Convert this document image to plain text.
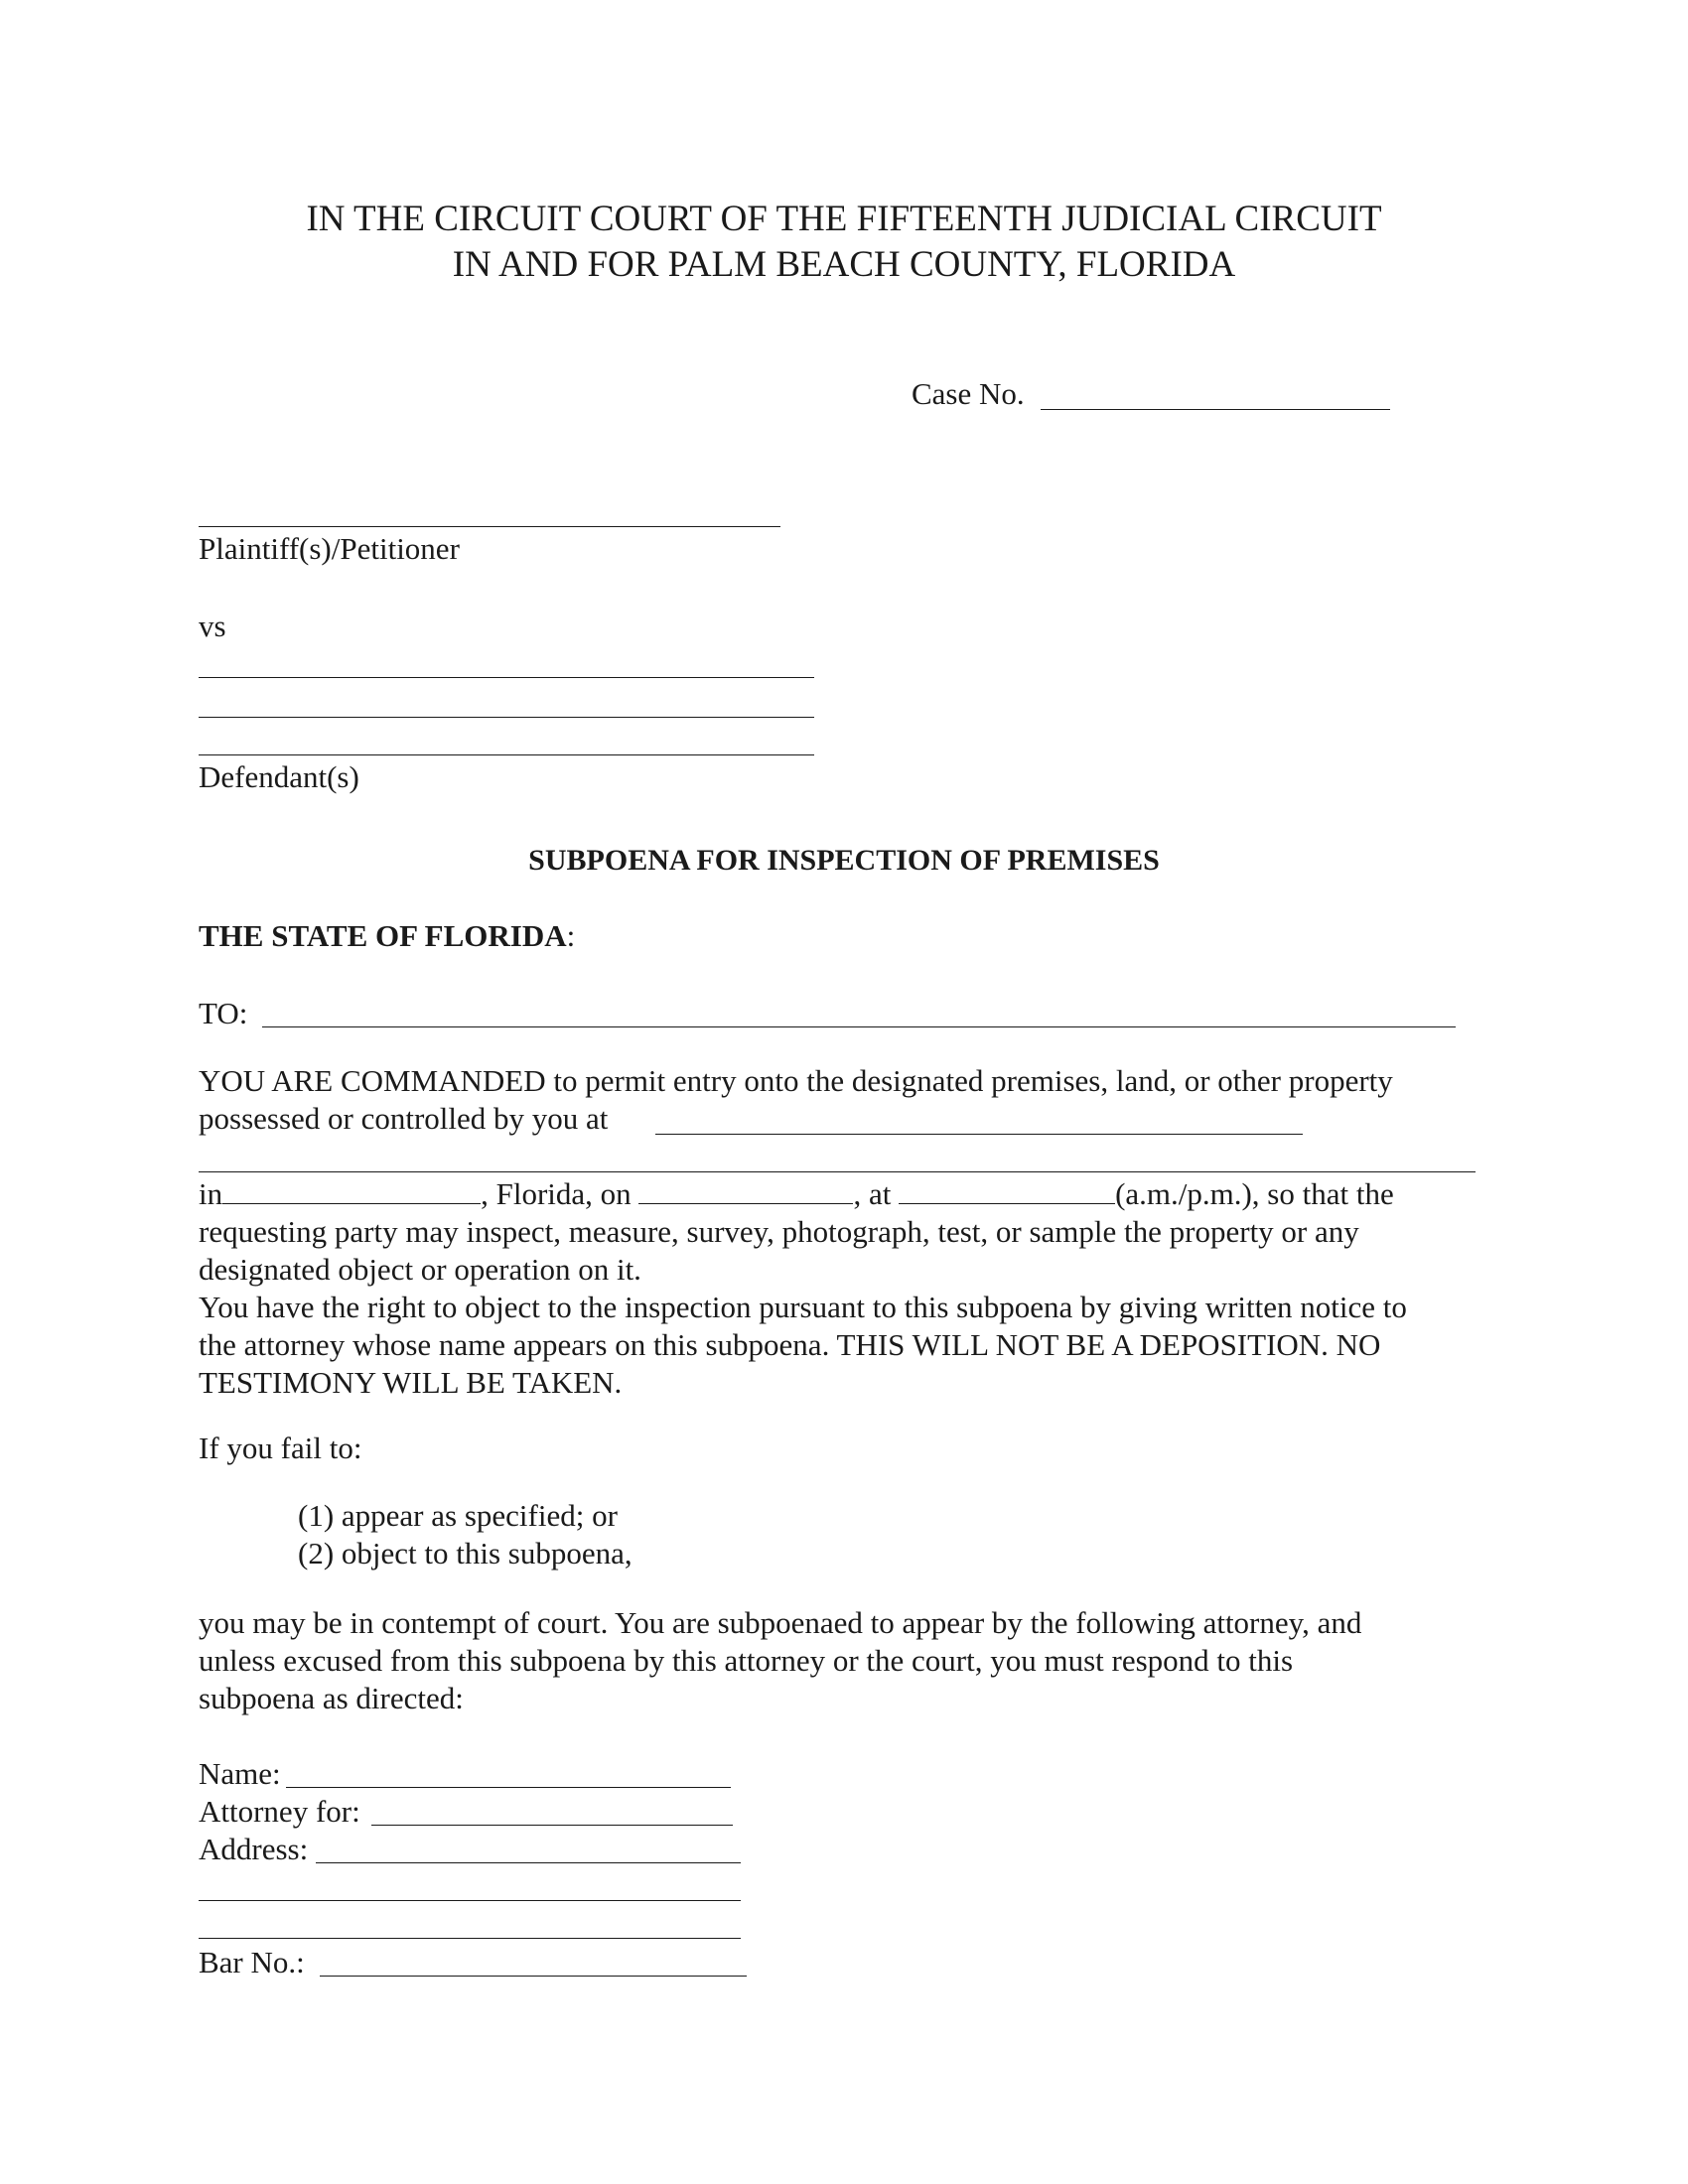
IN THE CIRCUIT COURT OF THE FIFTEENTH JUDICIAL CIRCUIT
IN AND FOR PALM BEACH COUNTY, FLORIDA
Case No.
Plaintiff(s)/Petitioner
vs
Defendant(s)
SUBPOENA FOR INSPECTION OF PREMISES
THE STATE OF FLORIDA:
TO:
YOU ARE COMMANDED to permit entry onto the designated premises, land, or other property
possessed or controlled by you at
in	, Florida, on	, at	(a.m./p.m.), so that the
requesting party may inspect, measure, survey, photograph, test, or sample the property or any
designated object or operation on it.
You have the right to object to the inspection pursuant to this subpoena by giving written notice to
the attorney whose name appears on this subpoena. THIS WILL NOT BE A DEPOSITION. NO
TESTIMONY WILL BE TAKEN.
If you fail to:
(1) appear as specified; or
(2) object to this subpoena,
you may be in contempt of court. You are subpoenaed to appear by the following attorney, and
unless excused from this subpoena by this attorney or the court, you must respond to this
subpoena as directed:
Name:
Attorney for:
Address:
Bar No.:
